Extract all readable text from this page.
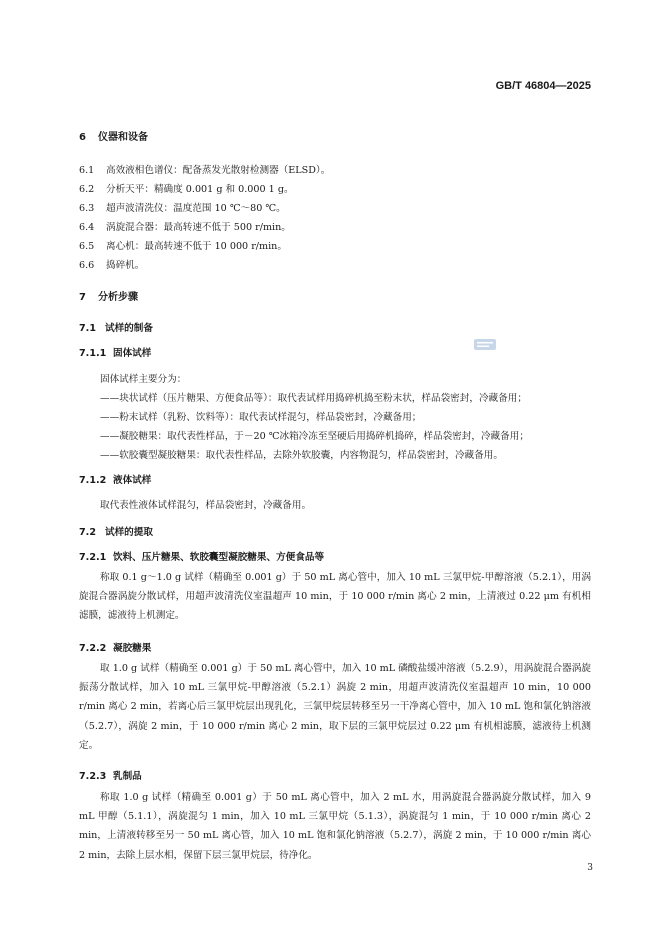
GB/T 46804—2025
6 仪器和设备
6.1 高效液相色谱仪：配备蒸发光散射检测器（ELSD）。
6.2 分析天平：精确度 0.001 g 和 0.000 1 g。
6.3 超声波清洗仪：温度范围 10 ℃～80 ℃。
6.4 涡旋混合器：最高转速不低于 500 r/min。
6.5 离心机：最高转速不低于 10 000 r/min。
6.6 捣碎机。
7 分析步骤
7.1 试样的制备
7.1.1 固体试样
固体试样主要分为：
——块状试样（压片糖果、方便食品等）：取代表试样用捣碎机捣至粉末状，样品袋密封，冷藏备用；
——粉末试样（乳粉、饮料等）：取代表试样混匀，样品袋密封，冷藏备用；
——凝胶糖果：取代表性样品，于－20 ℃冰箱冷冻至坚硬后用捣碎机捣碎，样品袋密封，冷藏备用；
——软胶囊型凝胶糖果：取代表性样品，去除外软胶囊，内容物混匀，样品袋密封，冷藏备用。
7.1.2 液体试样
取代表性液体试样混匀，样品袋密封，冷藏备用。
7.2 试样的提取
7.2.1 饮料、压片糖果、软胶囊型凝胶糖果、方便食品等

称取 0.1 g～1.0 g 试样（精确至 0.001 g）于 50 mL 离心管中，加入 10 mL 三氯甲烷-甲醇溶液（5.2.1），用涡旋混合器涡旋分散试样，用超声波清洗仪室温超声 10 min，于 10 000 r/min 离心 2 min，上清液过 0.22 μm 有机相滤膜，滤液待上机测定。

7.2.2 凝胶糖果

取 1.0 g 试样（精确至 0.001 g）于 50 mL 离心管中，加入 10 mL 磷酸盐缓冲溶液（5.2.9），用涡旋混合器涡旋振荡分散试样，加入 10 mL 三氯甲烷-甲醇溶液（5.2.1）涡旋 2 min，用超声波清洗仪室温超声 10 min，10 000 r/min 离心 2 min，若离心后三氯甲烷层出现乳化，三氯甲烷层转移至另一干净离心管中，加入 10 mL 饱和氯化钠溶液（5.2.7），涡旋 2 min，于 10 000 r/min 离心 2 min，取下层的三氯甲烷层过 0.22 μm 有机相滤膜，滤液待上机测定。

7.2.3 乳制品

称取 1.0 g 试样（精确至 0.001 g）于 50 mL 离心管中，加入 2 mL 水，用涡旋混合器涡旋分散试样，加入 9 mL 甲醇（5.1.1），涡旋混匀 1 min，加入 10 mL 三氯甲烷（5.1.3），涡旋混匀 1 min，于 10 000 r/min 离心 2 min，上清液转移至另一 50 mL 离心管，加入 10 mL 饱和氯化钠溶液（5.2.7），涡旋 2 min，于 10 000 r/min 离心 2 min，去除上层水相，保留下层三氯甲烷层，待净化。

3
